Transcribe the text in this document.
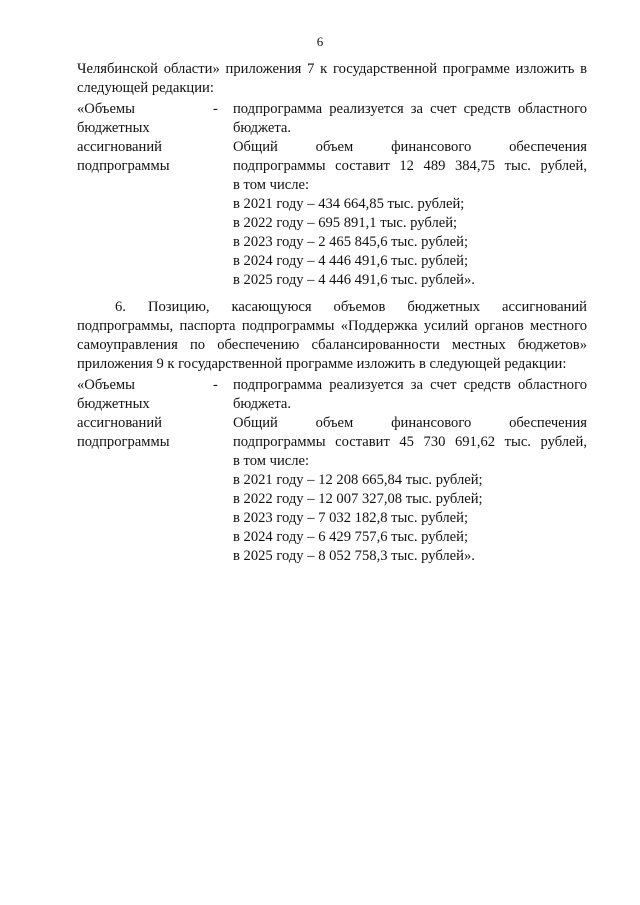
6

Челябинской области» приложения 7 к государственной программе изложить в
следующей редакции:

«Объемы
бюджетных
ассигнований
подпрограммы
-	подпрограмма реализуется за счет средств областного
бюджета.
Общий объем финансового обеспечения
подпрограммы составит 12 489 384,75 тыс. рублей,
в том числе:
в 2021 году – 434 664,85 тыс. рублей;
в 2022 году – 695 891,1 тыс. рублей;
в 2023 году – 2 465 845,6 тыс. рублей;
в 2024 году – 4 446 491,6 тыс. рублей;
в 2025 году – 4 446 491,6 тыс. рублей».

6. Позицию, касающуюся объемов бюджетных ассигнований
подпрограммы, паспорта подпрограммы «Поддержка усилий органов местного
самоуправления по обеспечению сбалансированности местных бюджетов»
приложения 9 к государственной программе изложить в следующей редакции:

«Объемы
бюджетных
ассигнований
подпрограммы
-	подпрограмма реализуется за счет средств областного
бюджета.
Общий объем финансового обеспечения
подпрограммы составит 45 730 691,62 тыс. рублей,
в том числе:
в 2021 году – 12 208 665,84 тыс. рублей;
в 2022 году – 12 007 327,08 тыс. рублей;
в 2023 году – 7 032 182,8 тыс. рублей;
в 2024 году – 6 429 757,6 тыс. рублей;
в 2025 году – 8 052 758,3 тыс. рублей».
